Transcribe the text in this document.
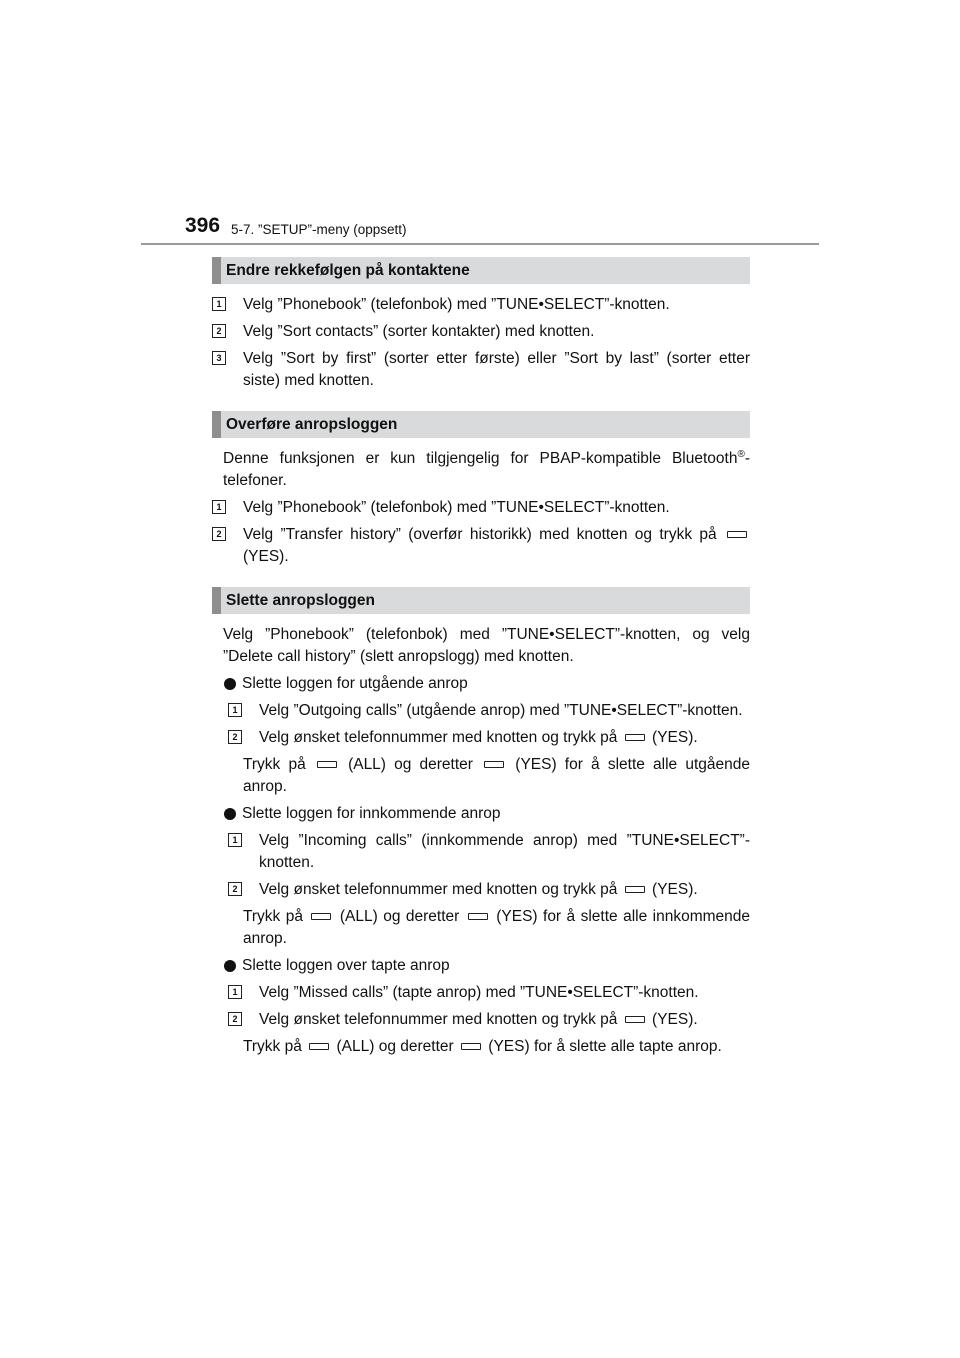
396 5-7. ”SETUP”-meny (oppsett)
Endre rekkefølgen på kontaktene
1 Velg ”Phonebook” (telefonbok) med ”TUNE•SELECT”-knotten.
2 Velg ”Sort contacts” (sorter kontakter) med knotten.
3 Velg ”Sort by first” (sorter etter første) eller ”Sort by last” (sorter etter siste) med knotten.
Overføre anropsloggen

Denne funksjonen er kun tilgjengelig for PBAP-kompatible Bluetooth®-telefoner.

1 Velg ”Phonebook” (telefonbok) med ”TUNE•SELECT”-knotten.
2 Velg ”Transfer history” (overfør historikk) med knotten og trykk på  (YES).
Slette anropsloggen

Velg ”Phonebook” (telefonbok) med ”TUNE•SELECT”-knotten, og velg ”Delete call history” (slett anropslogg) med knotten.

Slette loggen for utgående anrop
1 Velg ”Outgoing calls” (utgående anrop) med ”TUNE•SELECT”-knotten.
2 Velg ønsket telefonnummer med knotten og trykk på (YES).

Trykk på	(ALL) og deretter	(YES) for å slette alle utgående anrop.

Slette loggen for innkommende anrop
1 Velg ”Incoming calls” (innkommende anrop) med ”TUNE•SELECT”-knotten.
2 Velg ønsket telefonnummer med knotten og trykk på (YES).

Trykk på (ALL) og deretter (YES) for å slette alle innkommende anrop.

Slette loggen over tapte anrop
1 Velg ”Missed calls” (tapte anrop) med ”TUNE•SELECT”-knotten.
2 Velg ønsket telefonnummer med knotten og trykk på (YES).

Trykk på (ALL) og deretter (YES) for å slette alle tapte anrop.
